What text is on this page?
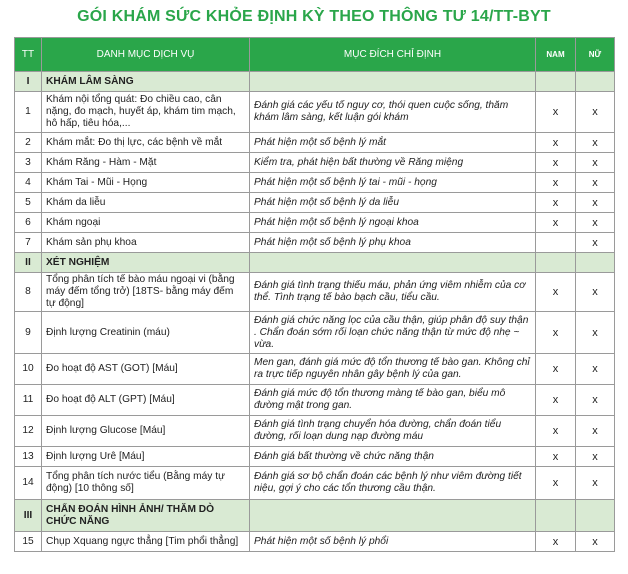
GÓI KHÁM SỨC KHỎE ĐỊNH KỲ THEO THÔNG TƯ 14/TT-BYT
TT	DANH MỤC DỊCH VỤ	MỤC ĐÍCH CHỈ ĐỊNH	NAM	NỮ
I	KHÁM LÂM SÀNG			
1	Khám nội tổng quát: Đo chiều cao, cân nặng, đo mạch, huyết áp, khám tim mạch, hô hấp, tiêu hóa,...	Đánh giá các yếu tố nguy cơ, thói quen cuộc sống, thăm khám lâm sàng, kết luận gói khám	x	x
2	Khám mắt: Đo thị lực, các bệnh về mắt	Phát hiện một số bệnh lý mắt	x	x
3	Khám Răng - Hàm - Mặt	Kiểm tra, phát hiện bất thường về Răng miệng	x	x
4	Khám Tai - Mũi - Họng	Phát hiện một số bệnh lý tai - mũi - họng	x	x
5	Khám da liễu	Phát hiện một số bệnh lý da liễu	x	x
6	Khám ngoại	Phát hiện một số bệnh lý ngoại khoa	x	x
7	Khám sản phụ khoa	Phát hiện một số bệnh lý phụ khoa		x
II	XÉT NGHIỆM			
8	Tổng phân tích tế bào máu ngoại vi (bằng máy đếm tổng trở) [18TS- bằng máy đếm tự động]	Đánh giá tình trạng thiếu máu, phản ứng viêm nhiễm của cơ thể. Tình trạng tế bào bạch cầu, tiểu cầu.	x	x
9	Định lượng Creatinin (máu)	Đánh giá chức năng lọc của cầu thận, giúp phân độ suy thận . Chẩn đoán sớm rối loạn chức năng thận từ mức độ nhẹ ~ vừa.	x	x
10	Đo hoạt độ AST (GOT) [Máu]	Men gan, đánh giá mức độ tổn thương tế bào gan. Không chỉ ra trực tiếp nguyên nhân gây bệnh lý của gan.	x	x
11	Đo hoạt độ ALT (GPT) [Máu]	Đánh giá mức độ tổn thương màng tế bào gan, biểu mô đường mật trong gan.	x	x
12	Định lượng Glucose [Máu]	Đánh giá tình trạng chuyển hóa đường, chẩn đoán tiểu đường, rối loạn dung nạp đường máu	x	x
13	Định lượng Urê [Máu]	Đánh giá bất thường về chức năng thận	x	x
14	Tổng phân tích nước tiểu (Bằng máy tự động) [10 thông số]	Đánh giá sơ bộ chẩn đoán các bệnh lý như viêm đường tiết niệu, gợi ý cho các tổn thương cầu thận.	x	x
III	CHẨN ĐOÁN HÌNH ẢNH/ THĂM DÒ CHỨC NĂNG			
15	Chụp Xquang ngực thẳng [Tim phổi thẳng]	Phát hiện một số bệnh lý phổi	x	x
